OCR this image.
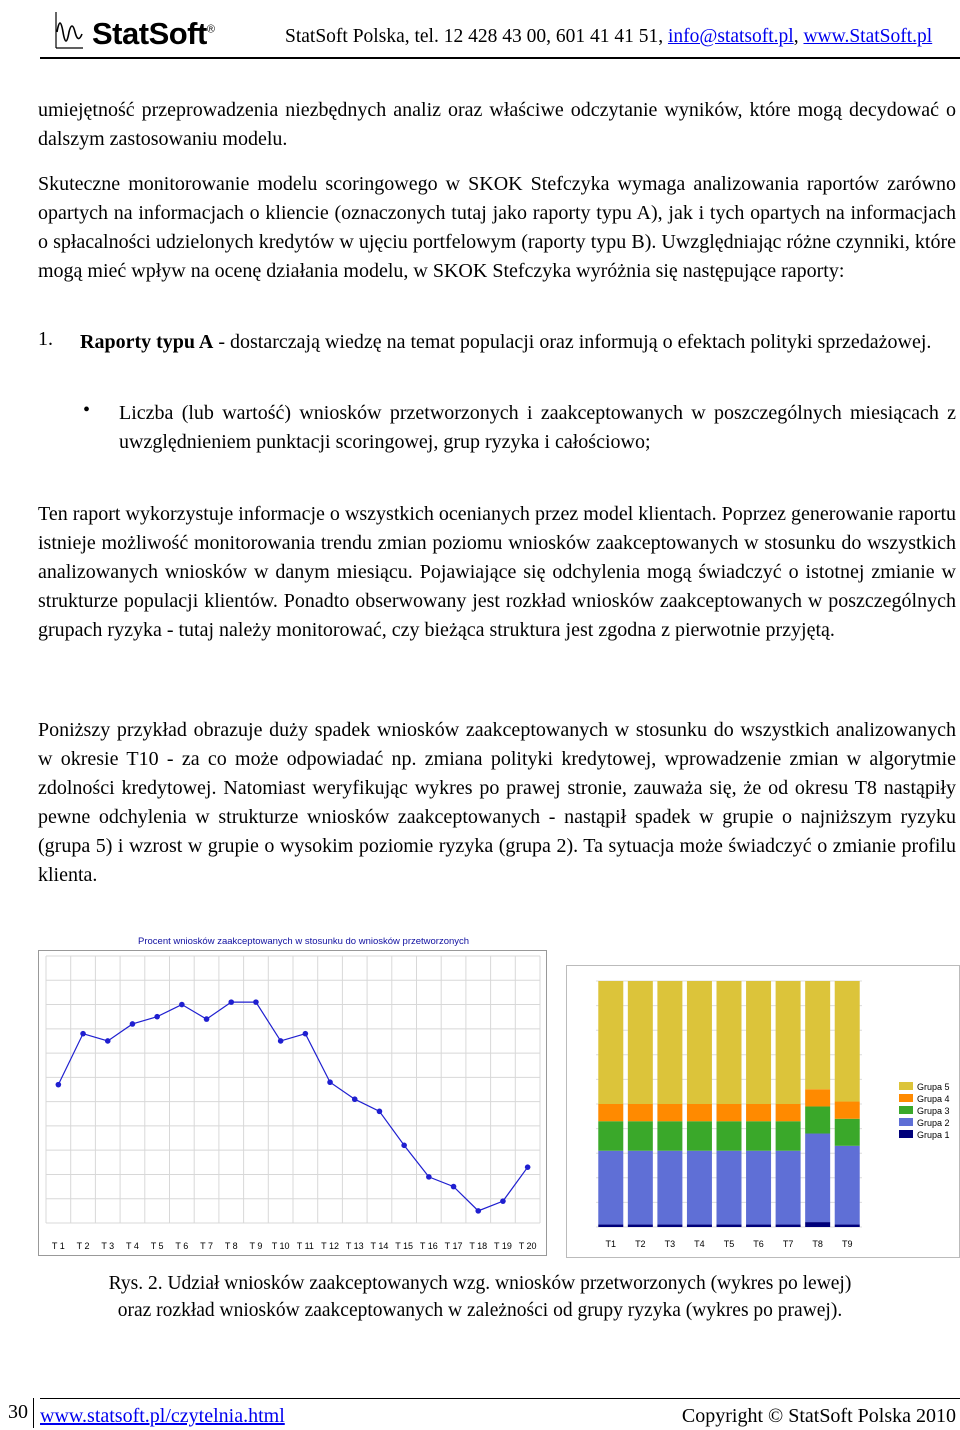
StatSoft®	StatSoft Polska, tel. 12 428 43 00, 601 41 41 51, info@statsoft.pl, www.StatSoft.pl

umiejętność przeprowadzenia niezbędnych analiz oraz właściwe odczytanie wyników, które mogą decydować o dalszym zastosowaniu modelu.

Skuteczne monitorowanie modelu scoringowego w SKOK Stefczyka wymaga analizowania raportów zarówno opartych na informacjach o kliencie (oznaczonych tutaj jako raporty typu A), jak i tych opartych na informacjach o spłacalności udzielonych kredytów w ujęciu portfelowym (raporty typu B). Uwzględniając różne czynniki, które mogą mieć wpływ na ocenę działania modelu, w SKOK Stefczyka wyróżnia się następujące raporty:

1. Raporty typu A - dostarczają wiedzę na temat populacji oraz informują o efektach polityki sprzedażowej.

• Liczba (lub wartość) wniosków przetworzonych i zaakceptowanych w poszczególnych miesiącach z uwzględnieniem punktacji scoringowej, grup ryzyka i całościowo;

Ten raport wykorzystuje informacje o wszystkich ocenianych przez model klientach. Poprzez generowanie raportu istnieje możliwość monitorowania trendu zmian poziomu wniosków zaakceptowanych w stosunku do wszystkich analizowanych wniosków w danym miesiącu. Pojawiające się odchylenia mogą świadczyć o istotnej zmianie w strukturze populacji klientów. Ponadto obserwowany jest rozkład wniosków zaakceptowanych w poszczególnych grupach ryzyka - tutaj należy monitorować, czy bieżąca struktura jest zgodna z pierwotnie przyjętą.

Poniższy przykład obrazuje duży spadek wniosków zaakceptowanych w stosunku do wszystkich analizowanych w okresie T10 - za co może odpowiadać np. zmiana polityki kredytowej, wprowadzenie zmian w algorytmie zdolności kredytowej. Natomiast weryfikując wykres po prawej stronie, zauważa się, że od okresu T8 nastąpiły pewne odchylenia w strukturze wniosków zaakceptowanych - nastąpił spadek w grupie o najniższym ryzyku (grupa 5) i wzrost w grupie o wysokim poziomie ryzyka (grupa 2). Ta sytuacja może świadczyć o zmianie profilu klienta.

Procent wniosków zaakceptowanych w stosunku do wniosków przetworzonych
T 1 T 2 T 3 T 4 T 5 T 6 T 7 T 8 T 9 T 10 T 11 T 12 T 13 T 14 T 15 T 16 T 17 T 18 T 19 T 20	T1 T2 T3 T4 T5 T6 T7 T8 T9
Grupa 5
Grupa 4
Grupa 3
Grupa 2
Grupa 1
Rys. 2. Udział wniosków zaakceptowanych wzg. wniosków przetworzonych (wykres po lewej)
oraz rozkład wniosków zaakceptowanych w zależności od grupy ryzyka (wykres po prawej).
30 www.statsoft.pl/czytelnia.html	Copyright © StatSoft Polska 2010
